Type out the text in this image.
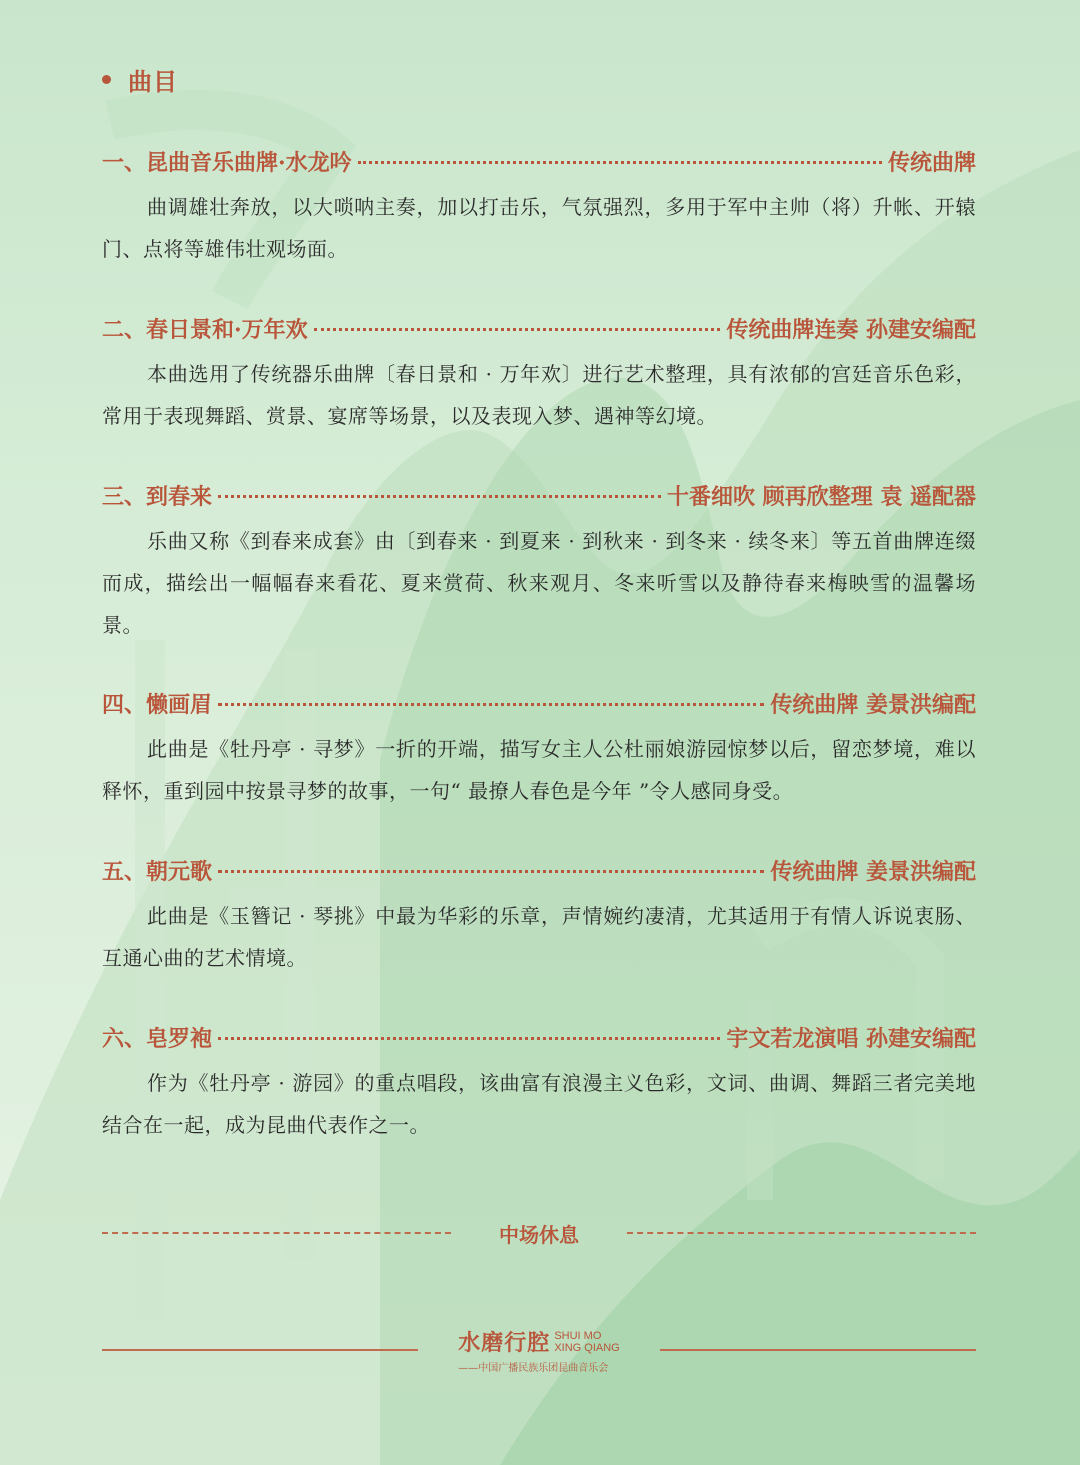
曲目
一、昆曲音乐曲牌·水龙吟	传统曲牌
曲调雄壮奔放，以大唢呐主奏，加以打击乐，气氛强烈，多用于军中主帅（将）升帐、开辕门、点将等雄伟壮观场面。
二、春日景和·万年欢	传统曲牌连奏 孙建安编配
本曲选用了传统器乐曲牌〔春日景和 · 万年欢〕进行艺术整理，具有浓郁的宫廷音乐色彩，常用于表现舞蹈、赏景、宴席等场景，以及表现入梦、遇神等幻境。
三、到春来	十番细吹 顾再欣整理 袁 遥配器
乐曲又称《到春来成套》由〔到春来 · 到夏来 · 到秋来 · 到冬来 · 续冬来〕等五首曲牌连缀而成，描绘出一幅幅春来看花、夏来赏荷、秋来观月、冬来听雪以及静待春来梅映雪的温馨场景。
四、懒画眉	传统曲牌 姜景洪编配
此曲是《牡丹亭 · 寻梦》一折的开端，描写女主人公杜丽娘游园惊梦以后，留恋梦境，难以释怀，重到园中按景寻梦的故事，一句“ 最撩人春色是今年 ”令人感同身受。
五、朝元歌	传统曲牌 姜景洪编配
此曲是《玉簪记 · 琴挑》中最为华彩的乐章，声情婉约凄清，尤其适用于有情人诉说衷肠、互通心曲的艺术情境。
六、皂罗袍	宇文若龙演唱 孙建安编配
作为《牡丹亭 · 游园》的重点唱段，该曲富有浪漫主义色彩，文词、曲调、舞蹈三者完美地结合在一起，成为昆曲代表作之一。
中场休息
水磨行腔 SHUI MO
XING QIANG
——中国广播民族乐团昆曲音乐会
